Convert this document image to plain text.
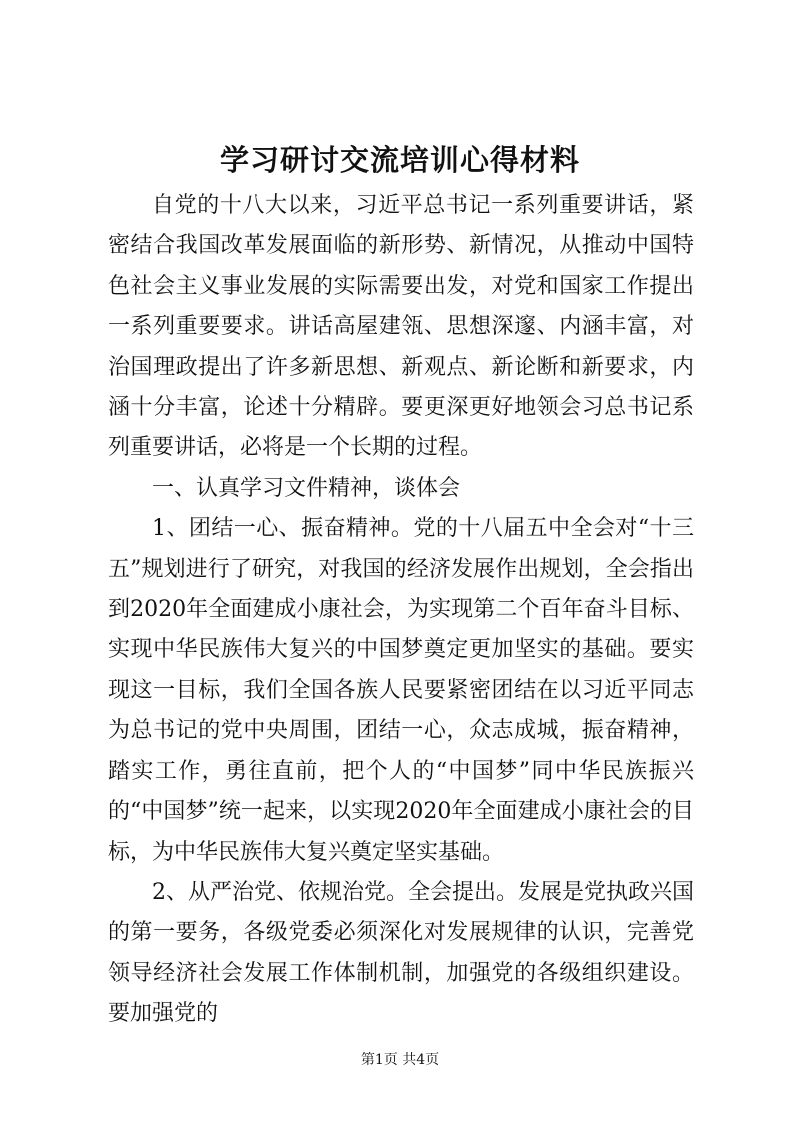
学习研讨交流培训心得材料

自党的十八大以来，习近平总书记一系列重要讲话，紧密结合我国改革发展面临的新形势、新情况，从推动中国特色社会主义事业发展的实际需要出发，对党和国家工作提出一系列重要要求。讲话高屋建瓴、思想深邃、内涵丰富，对治国理政提出了许多新思想、新观点、新论断和新要求，内涵十分丰富，论述十分精辟。要更深更好地领会习总书记系列重要讲话，必将是一个长期的过程。

一、认真学习文件精神，谈体会

1、团结一心、振奋精神。党的十八届五中全会对“十三五”规划进行了研究，对我国的经济发展作出规划，全会指出到2020年全面建成小康社会，为实现第二个百年奋斗目标、实现中华民族伟大复兴的中国梦奠定更加坚实的基础。要实现这一目标，我们全国各族人民要紧密团结在以习近平同志为总书记的党中央周围，团结一心，众志成城，振奋精神，踏实工作，勇往直前，把个人的“中国梦”同中华民族振兴的“中国梦”统一起来，以实现2020年全面建成小康社会的目标，为中华民族伟大复兴奠定坚实基础。

2、从严治党、依规治党。全会提出。发展是党执政兴国的第一要务，各级党委必须深化对发展规律的认识，完善党领导经济社会发展工作体制机制，加强党的各级组织建设。要加强党的

第1页 共4页
